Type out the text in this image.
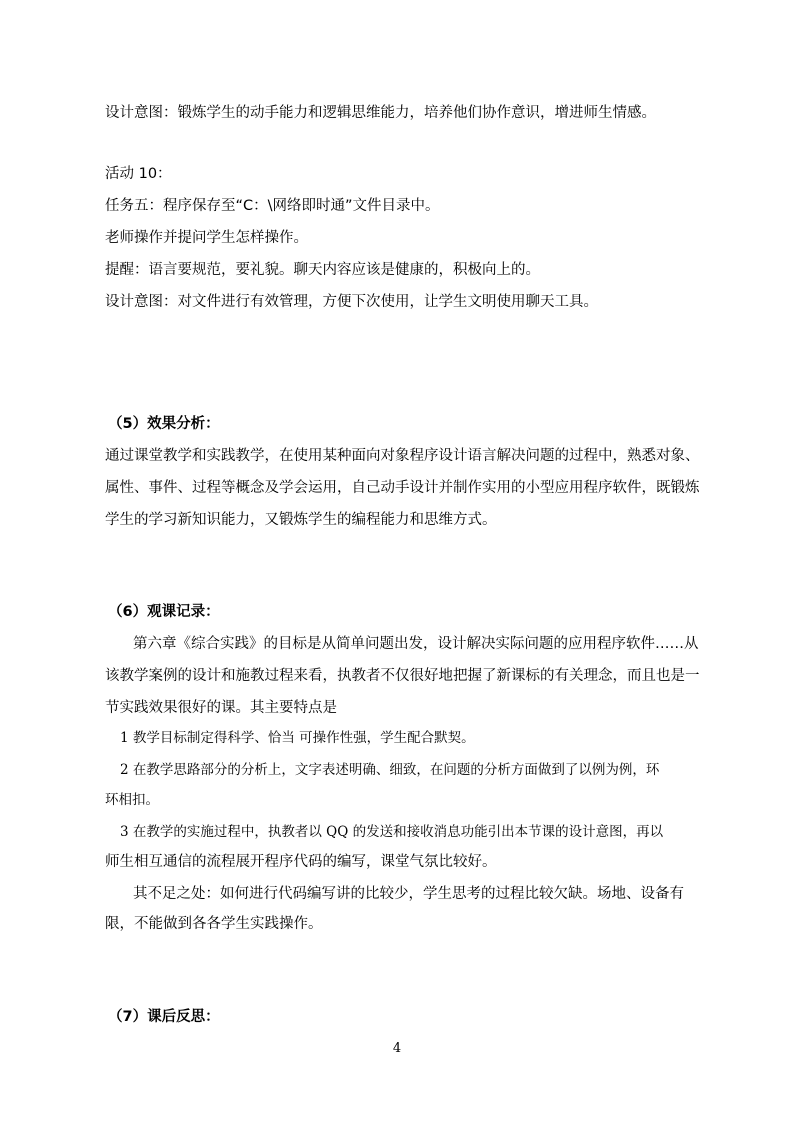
设计意图：锻炼学生的动手能力和逻辑思维能力，培养他们协作意识，增进师生情感。
活动 10：
任务五：程序保存至“C：\网络即时通”文件目录中。
老师操作并提问学生怎样操作。
提醒：语言要规范，要礼貌。聊天内容应该是健康的，积极向上的。
设计意图：对文件进行有效管理，方便下次使用，让学生文明使用聊天工具。
（5）效果分析：
通过课堂教学和实践教学，在使用某种面向对象程序设计语言解决问题的过程中，熟悉对象、
属性、事件、过程等概念及学会运用，自己动手设计并制作实用的小型应用程序软件，既锻炼
学生的学习新知识能力，又锻炼学生的编程能力和思维方式。
（6）观课记录：
第六章《综合实践》的目标是从简单问题出发，设计解决实际问题的应用程序软件……从
该教学案例的设计和施教过程来看，执教者不仅很好地把握了新课标的有关理念，而且也是一
节实践效果很好的课。其主要特点是
1 教学目标制定得科学、恰当 可操作性强，学生配合默契。
2 在教学思路部分的分析上，文字表述明确、细致，在问题的分析方面做到了以例为例，环
环相扣。
3 在教学的实施过程中，执教者以 QQ 的发送和接收消息功能引出本节课的设计意图，再以
师生相互通信的流程展开程序代码的编写，课堂气氛比较好。
其不足之处：如何进行代码编写讲的比较少，学生思考的过程比较欠缺。场地、设备有
限，不能做到各各学生实践操作。
（7）课后反思：
4
